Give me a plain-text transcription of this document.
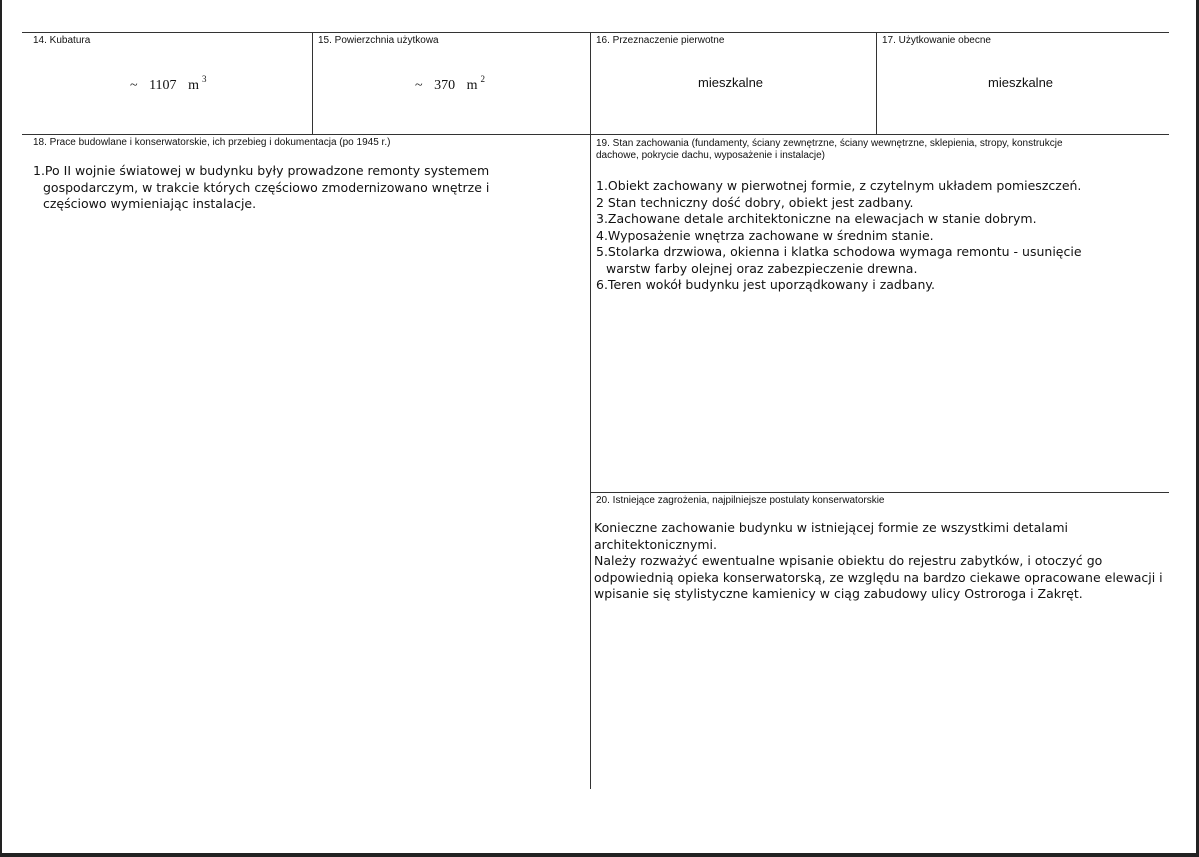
14. Kubatura
~ 1107 m $^3$
15. Powierzchnia użytkowa
~ 370 m $^2$
16. Przeznaczenie pierwotne
mieszkalne
17. Użytkowanie obecne
mieszkalne
18. Prace budowlane i konserwatorskie, ich przebieg i dokumentacja (po 1945 r.)
1.Po II wojnie światowej w budynku były prowadzone remonty systemem gospodarczym, w trakcie których częściowo zmodernizowano wnętrze i częściowo wymieniając instalacje.
19. Stan zachowania (fundamenty, ściany zewnętrzne, ściany wewnętrzne, sklepienia, stropy, konstrukcje dachowe, pokrycie dachu, wyposażenie i instalacje)
1.Obiekt zachowany w pierwotnej formie, z czytelnym układem pomieszczeń.
2 Stan techniczny dość dobry, obiekt jest zadbany.
3.Zachowane detale architektoniczne na elewacjach w stanie dobrym.
4.Wyposażenie wnętrza zachowane w średnim stanie.
5.Stolarka drzwiowa, okienna i klatka schodowa wymaga remontu - usunięcie warstw farby olejnej oraz zabezpieczenie drewna.
6.Teren wokół budynku jest uporządkowany i zadbany.
20. Istniejące zagrożenia, najpilniejsze postulaty konserwatorskie
Konieczne zachowanie budynku w istniejącej formie ze wszystkimi detalami architektonicznymi.
Należy rozważyć ewentualne wpisanie obiektu do rejestru zabytków, i otoczyć go odpowiednią opieka konserwatorską, ze względu na bardzo ciekawe opracowane elewacji i wpisanie się stylistyczne kamienicy w ciąg zabudowy ulicy Ostroroga i Zakręt.
